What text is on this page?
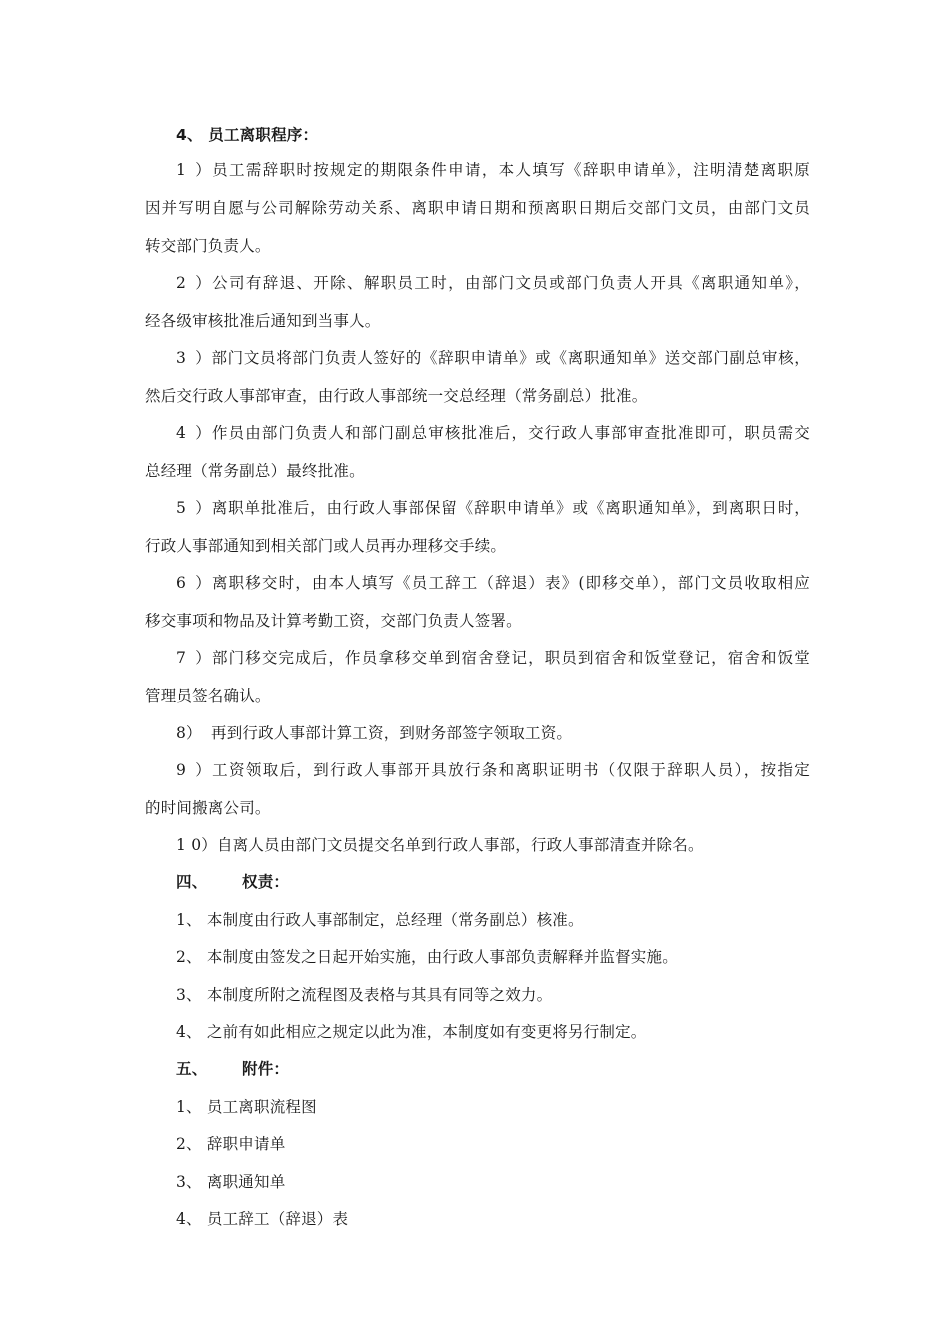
4、 员工离职程序：
1）员工需辞职时按规定的期限条件申请，本人填写《辞职申请单》，注明清楚离职原
因并写明自愿与公司解除劳动关系、离职申请日期和预离职日期后交部门文员，由部门文员
转交部门负责人。
2）公司有辞退、开除、解职员工时，由部门文员或部门负责人开具《离职通知单》，
经各级审核批准后通知到当事人。
3）部门文员将部门负责人签好的《辞职申请单》或《离职通知单》送交部门副总审核，
然后交行政人事部审查，由行政人事部统一交总经理（常务副总）批准。
4）作员由部门负责人和部门副总审核批准后，交行政人事部审查批准即可，职员需交
总经理（常务副总）最终批准。
5）离职单批准后，由行政人事部保留《辞职申请单》或《离职通知单》，到离职日时，
行政人事部通知到相关部门或人员再办理移交手续。
6）离职移交时，由本人填写《员工辞工（辞退）表》(即移交单），部门文员收取相应
移交事项和物品及计算考勤工资，交部门负责人签署。
7）部门移交完成后，作员拿移交单到宿舍登记，职员到宿舍和饭堂登记，宿舍和饭堂
管理员签名确认。
8） 再到行政人事部计算工资，到财务部签字领取工资。
9）工资领取后，到行政人事部开具放行条和离职证明书（仅限于辞职人员），按指定
的时间搬离公司。
1 0）自离人员由部门文员提交名单到行政人事部，行政人事部清查并除名。
四、 权责：
1、 本制度由行政人事部制定，总经理（常务副总）核准。
2、 本制度由签发之日起开始实施，由行政人事部负责解释并监督实施。
3、 本制度所附之流程图及表格与其具有同等之效力。
4、 之前有如此相应之规定以此为准，本制度如有变更将另行制定。
五、 附件：
1、 员工离职流程图
2、 辞职申请单
3、 离职通知单
4、 员工辞工（辞退）表
